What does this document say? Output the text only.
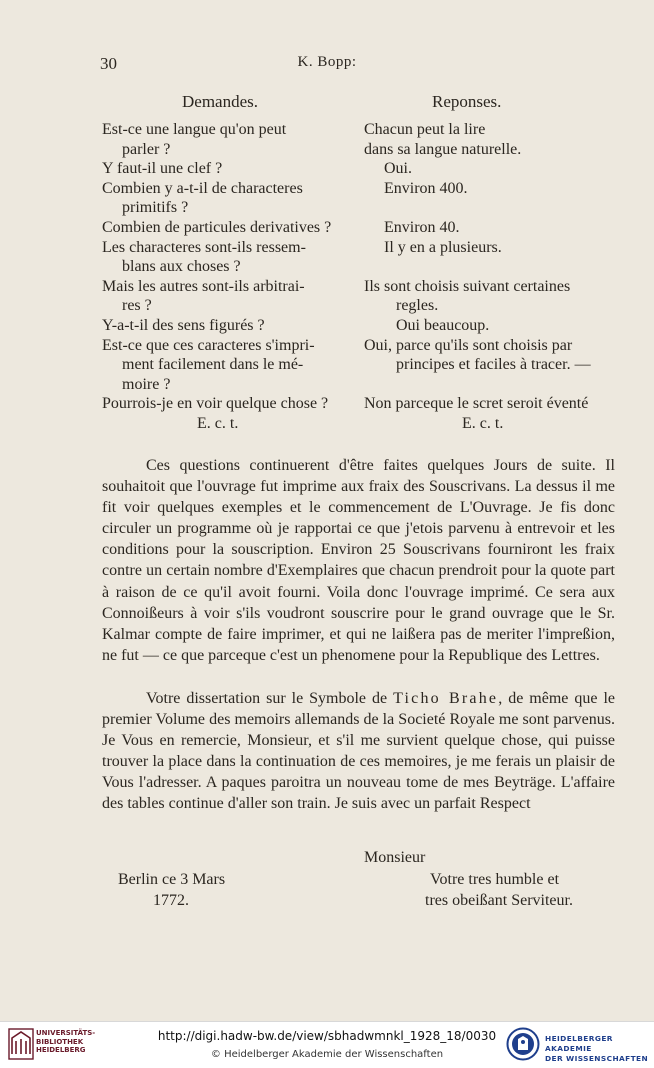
30	K. Bopp:
Demandes.	Reponses.
Est-ce une langue qu'on peut
parler ?
Y faut-il une clef ?
Combien y a-t-il de characteres
primitifs ?
Combien de particules derivatives ?
Les characteres sont-ils ressem-
blans aux choses ?
Mais les autres sont-ils arbitrai-
res ?
Y-a-t-il des sens figurés ?
Est-ce que ces caracteres s'impri-
ment facilement dans le mé-
moire ?
Pourrois-je en voir quelque chose ?
E. c. t.
Chacun peut la lire
dans sa langue naturelle.
Oui.
Environ 400.
Environ 40.
Il y en a plusieurs.
Ils sont choisis suivant certaines
regles.
Oui beaucoup.
Oui, parce qu'ils sont choisis par
principes et faciles à tracer. —
Non parceque le scret seroit éventé
E. c. t.
Ces questions continuerent d'être faites quelques Jours de suite. Il souhaitoit que l'ouvrage fut imprime aux fraix des Souscrivans. La dessus il me fit voir quelques exemples et le commencement de L'Ouvrage. Je fis donc circuler un programme où je rapportai ce que j'etois parvenu à entrevoir et les conditions pour la souscription. Environ 25 Souscrivans fourniront les fraix contre un certain nombre d'Exemplaires que chacun prendroit pour la quote part à raison de ce qu'il avoit fourni. Voila donc l'ouvrage imprimé. Ce sera aux Connoißeurs à voir s'ils voudront souscrire pour le grand ouvrage que le Sr. Kalmar compte de faire imprimer, et qui ne laißera pas de meriter l'impreßion, ne fut — ce que parceque c'est un phenomene pour la Republique des Lettres.
Votre dissertation sur le Symbole de Ticho Brahe, de même que le premier Volume des memoirs allemands de la Societé Royale me sont parvenus. Je Vous en remercie, Monsieur, et s'il me survient quelque chose, qui puisse trouver la place dans la continuation de ces memoires, je me ferais un plaisir de Vous l'adresser. A paques paroitra un nouveau tome de mes Beyträge. L'affaire des tables continue d'aller son train. Je suis avec un parfait Respect
Monsieur
Berlin ce 3 Mars
1772.
Votre tres humble et
tres obeißant Serviteur.
UNIVERSITÄTS-
BIBLIOTHEK
HEIDELBERG
http://digi.hadw-bw.de/view/sbhadwmnkl_1928_18/0030
© Heidelberger Akademie der Wissenschaften
HEIDELBERGER AKADEMIE
DER WISSENSCHAFTEN
